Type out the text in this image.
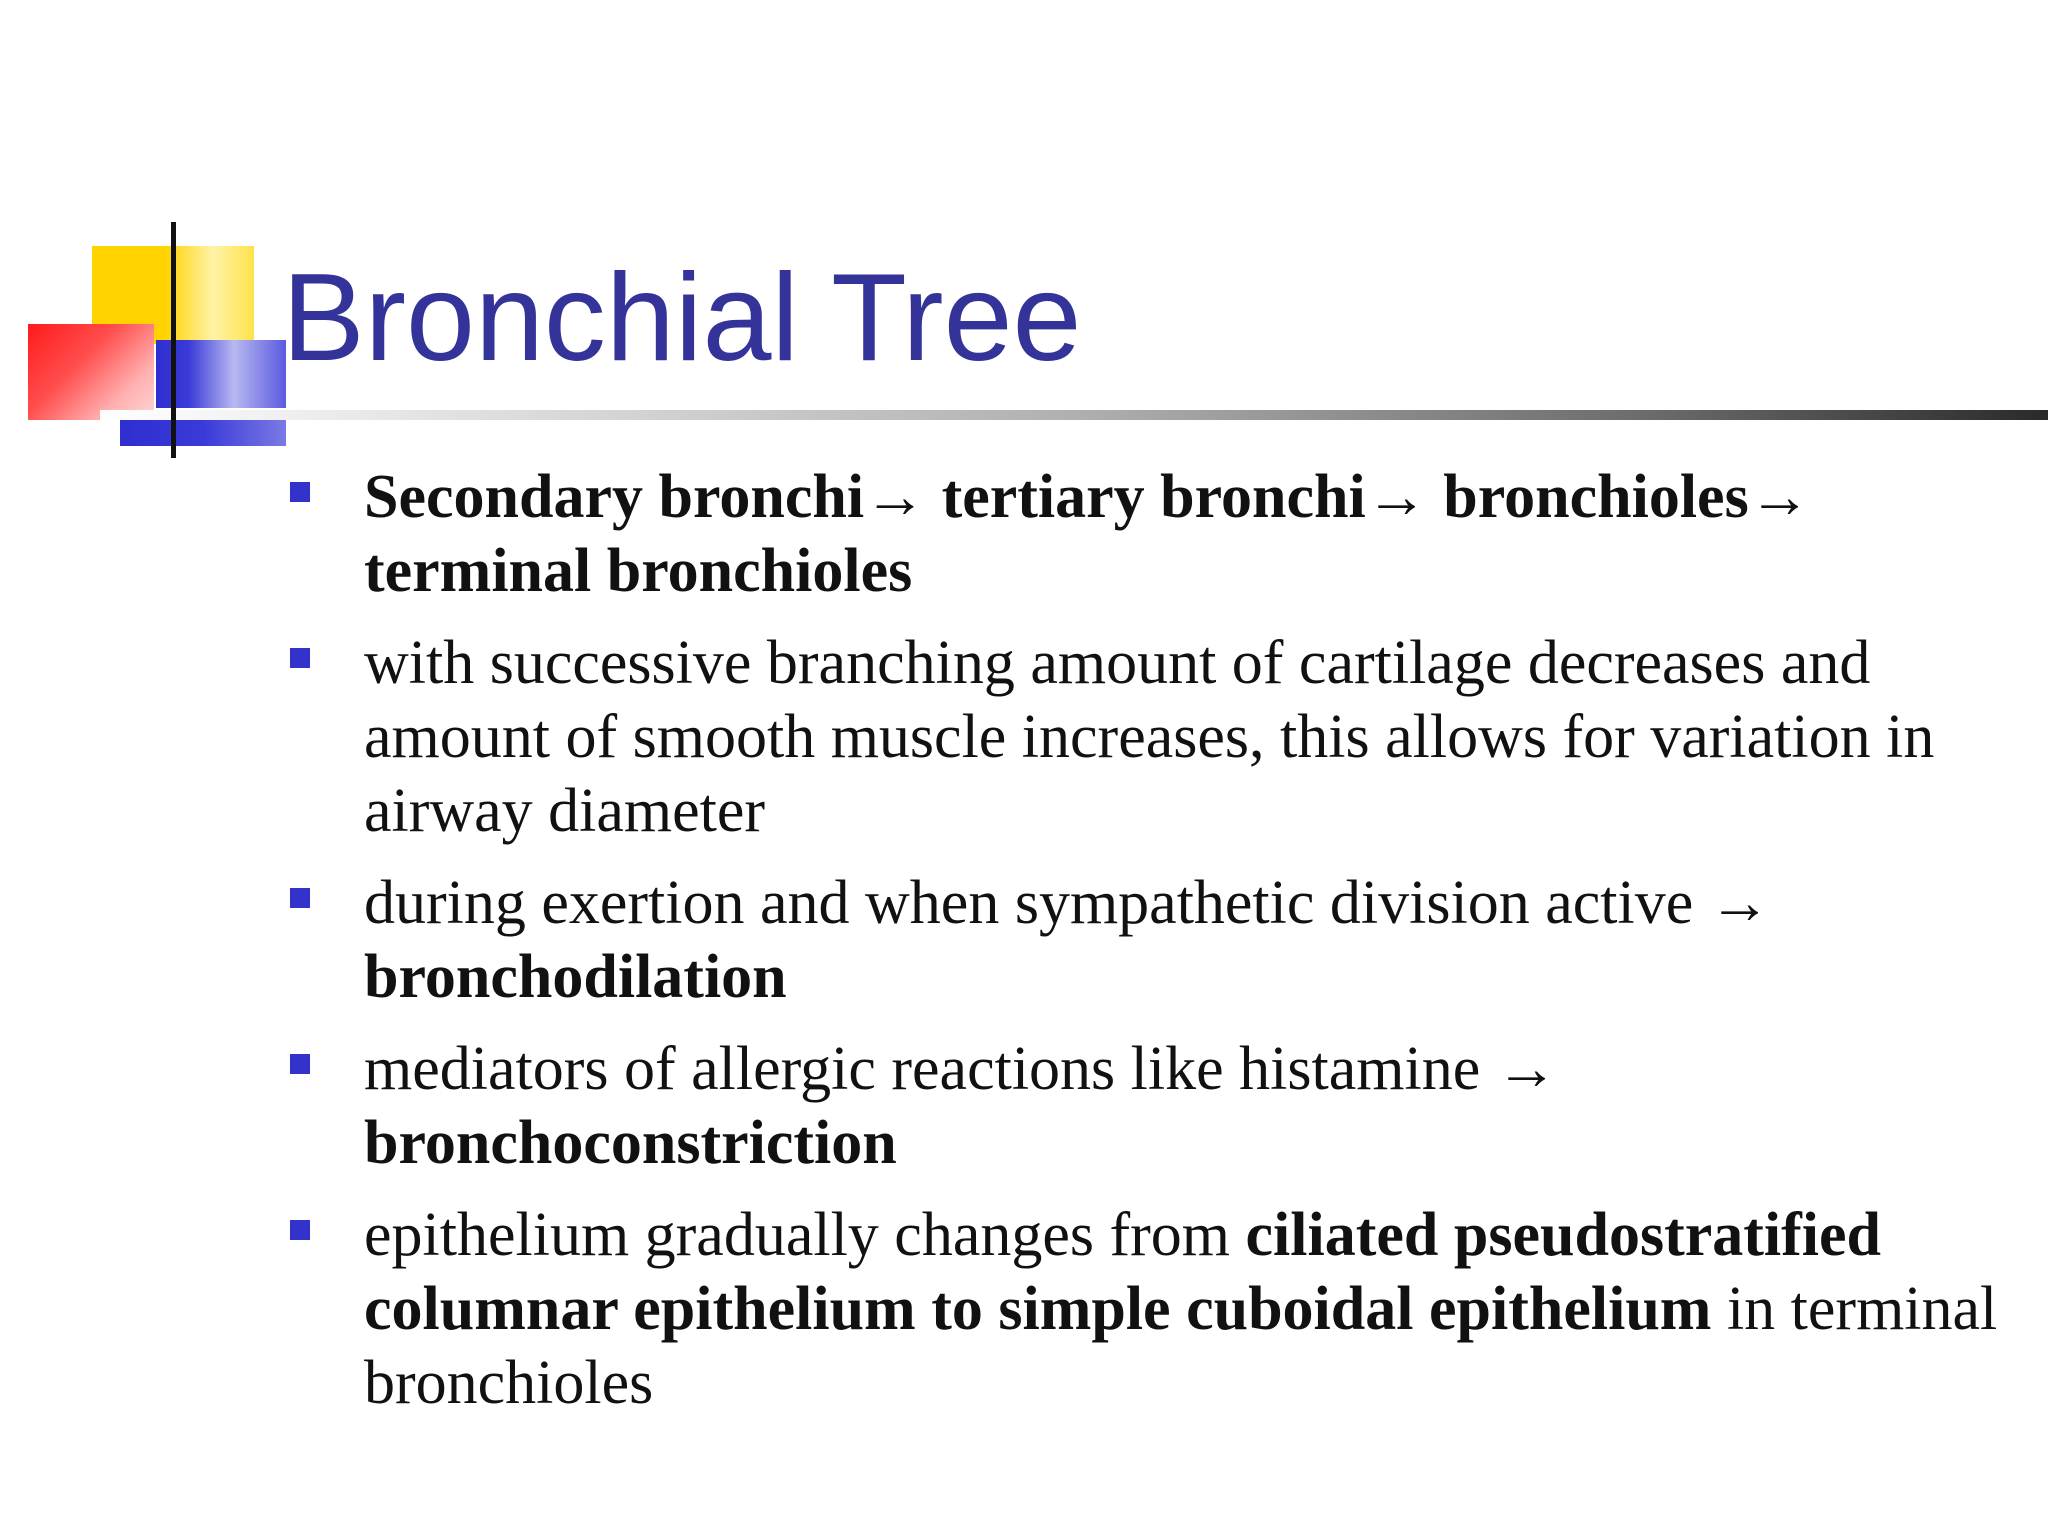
Bronchial Tree
Secondary bronchi→ tertiary bronchi→ bronchioles→ terminal bronchioles
with successive branching amount of cartilage decreases and amount of smooth muscle increases, this allows for variation in airway diameter
during exertion and when sympathetic division active → bronchodilation
mediators of allergic reactions like histamine → bronchoconstriction
epithelium gradually changes from ciliated pseudostratified columnar epithelium to simple cuboidal epithelium in terminal bronchioles
